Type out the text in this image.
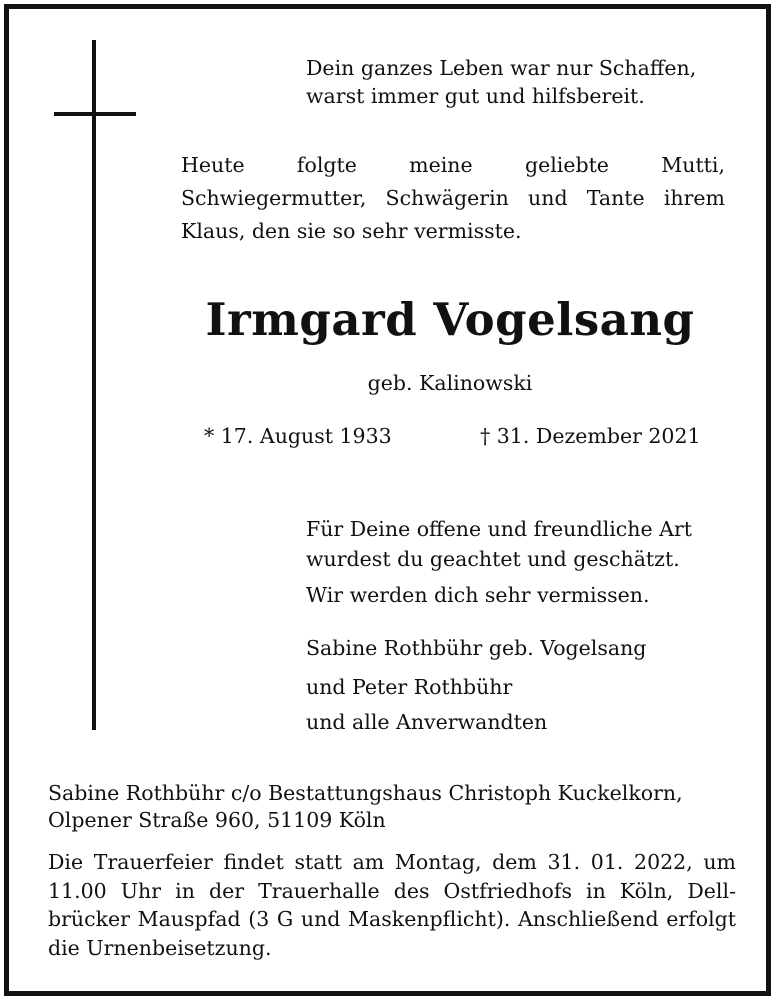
Dein ganzes Leben war nur Schaffen,
warst immer gut und hilfsbereit.
Heute folgte meine geliebte Mutti, Schwiegermutter, Schwägerin und Tante ihrem Klaus, den sie so sehr vermisste.
Irmgard Vogelsang
geb. Kalinowski
* 17. August 1933	† 31. Dezember 2021
Für Deine offene und freundliche Art
wurdest du geachtet und geschätzt.
Wir werden dich sehr vermissen.
Sabine Rothbühr geb. Vogelsang
und Peter Rothbühr
und alle Anverwandten
Sabine Rothbühr c/o Bestattungshaus Christoph Kuckelkorn,
Olpener Straße 960, 51109 Köln
Die Trauerfeier findet statt am Montag, dem 31. 01. 2022, um 11.00 Uhr in der Trauerhalle des Ostfriedhofs in Köln, Dellbrücker Mauspfad (3 G und Maskenpflicht). Anschließend erfolgt die Urnenbeisetzung.
